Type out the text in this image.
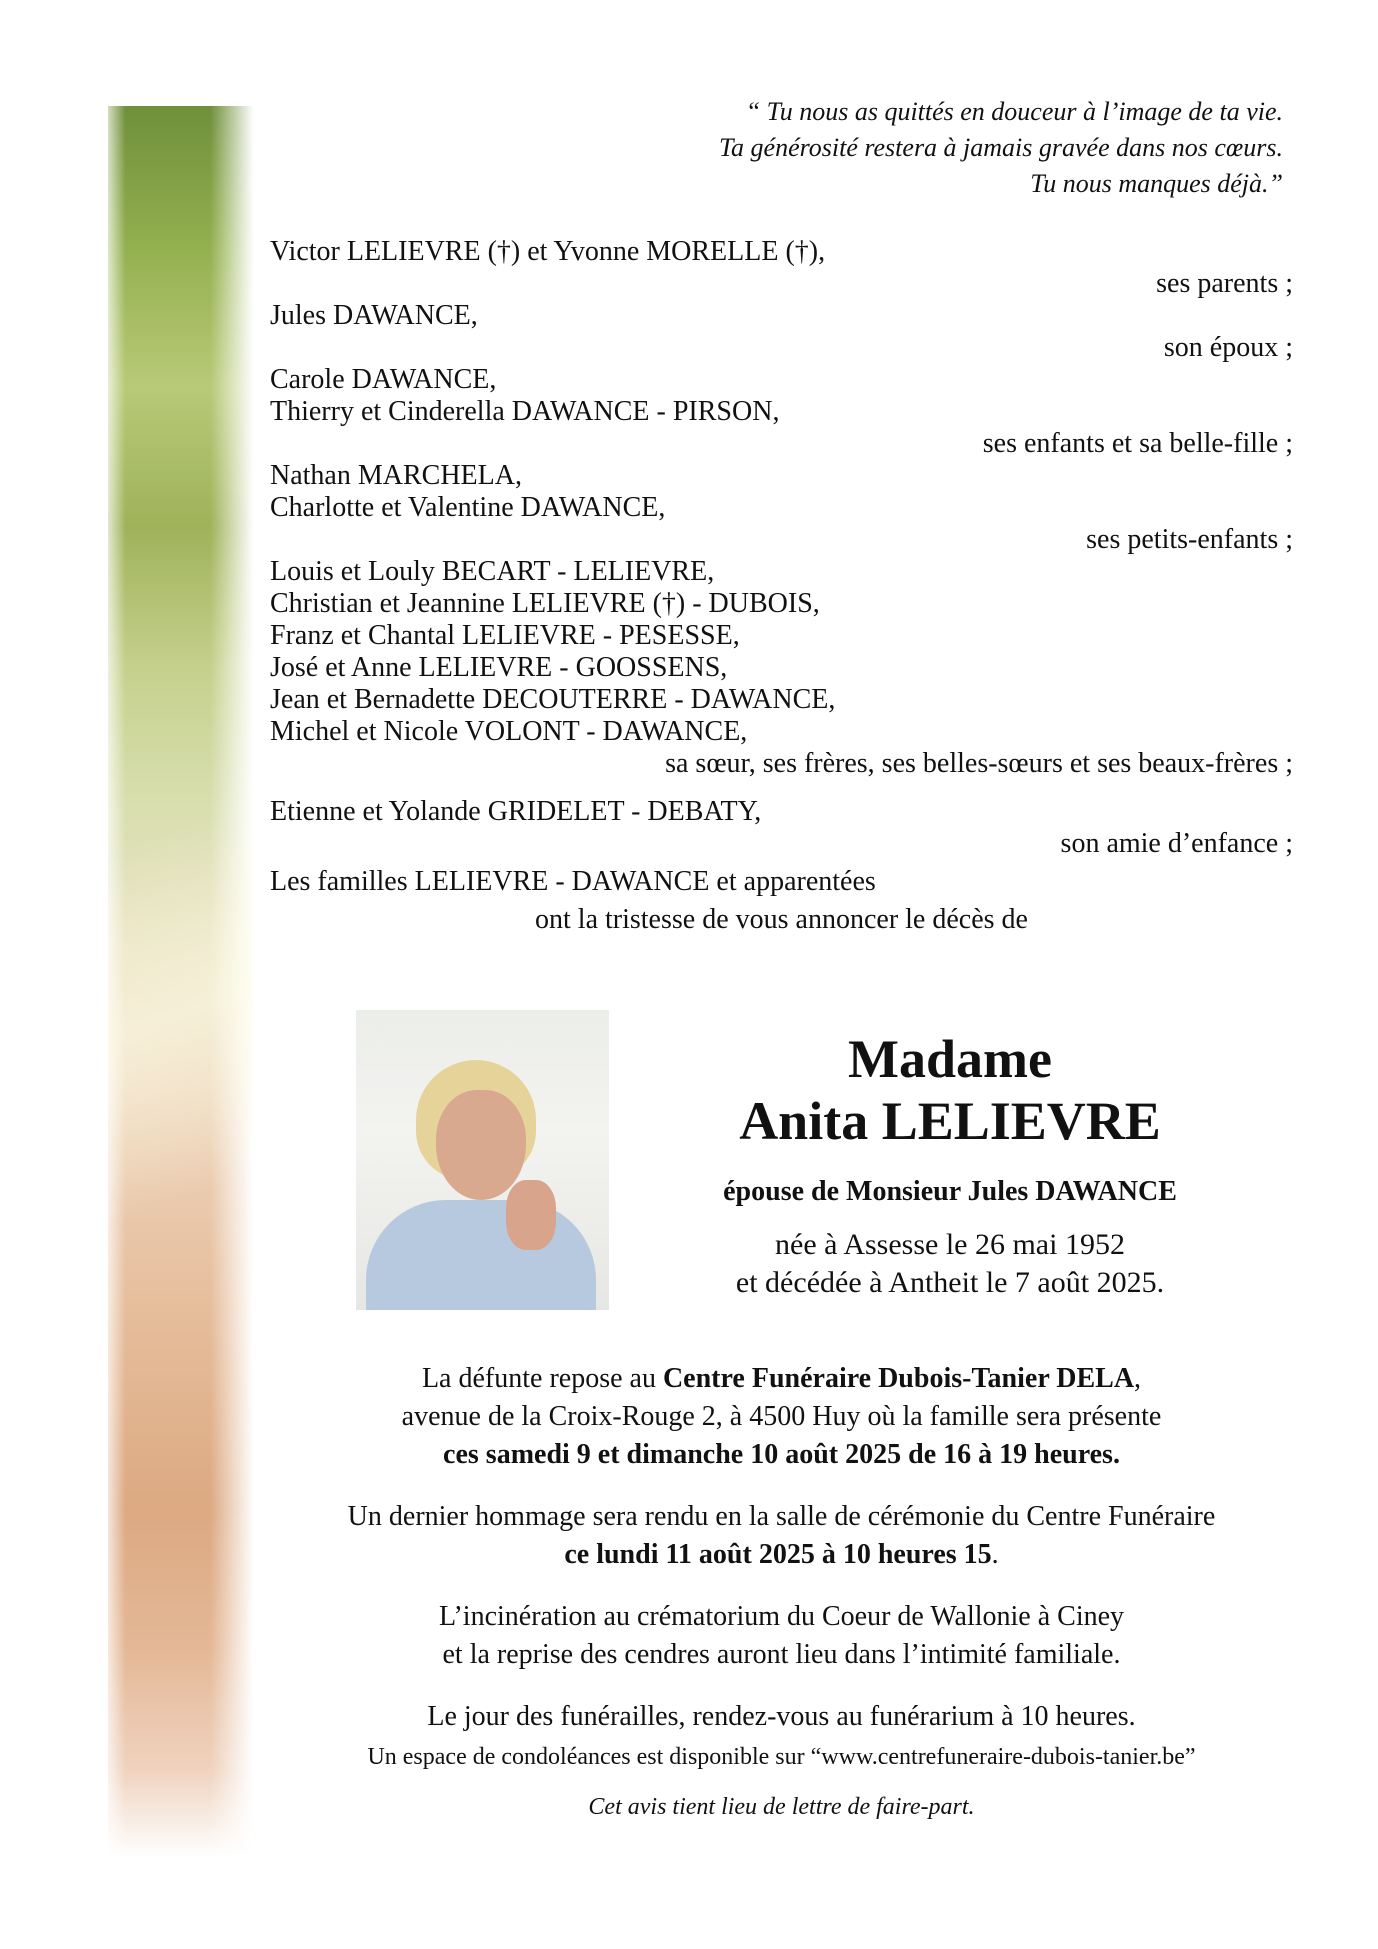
“ Tu nous as quittés en douceur à l’image de ta vie.
Ta générosité restera à jamais gravée dans nos cœurs.
Tu nous manques déjà.”
Victor LELIEVRE (†) et Yvonne MORELLE (†),
ses parents ;
Jules DAWANCE,
son époux ;
Carole DAWANCE,
Thierry et Cinderella DAWANCE - PIRSON,
ses enfants et sa belle-fille ;
Nathan MARCHELA,
Charlotte et Valentine DAWANCE,
ses petits-enfants ;
Louis et Louly BECART - LELIEVRE,
Christian et Jeannine LELIEVRE (†) - DUBOIS,
Franz et Chantal LELIEVRE - PESESSE,
José et Anne LELIEVRE - GOOSSENS,
Jean et Bernadette DECOUTERRE - DAWANCE,
Michel et Nicole VOLONT - DAWANCE,
sa sœur, ses frères, ses belles-sœurs et ses beaux-frères ;
Etienne et Yolande GRIDELET - DEBATY,
son amie d’enfance ;
Les familles LELIEVRE - DAWANCE et apparentées
ont la tristesse de vous annoncer le décès de
Madame
Anita LELIEVRE
épouse de Monsieur Jules DAWANCE
née à Assesse le 26 mai 1952
et décédée à Antheit le 7 août 2025.
La défunte repose au Centre Funéraire Dubois-Tanier DELA,
avenue de la Croix-Rouge 2, à 4500 Huy où la famille sera présente
ces samedi 9 et dimanche 10 août 2025 de 16 à 19 heures.
Un dernier hommage sera rendu en la salle de cérémonie du Centre Funéraire
ce lundi 11 août 2025 à 10 heures 15.
L’incinération au crématorium du Coeur de Wallonie à Ciney
et la reprise des cendres auront lieu dans l’intimité familiale.
Le jour des funérailles, rendez-vous au funérarium à 10 heures.
Un espace de condoléances est disponible sur “www.centrefuneraire-dubois-tanier.be”
Cet avis tient lieu de lettre de faire-part.
